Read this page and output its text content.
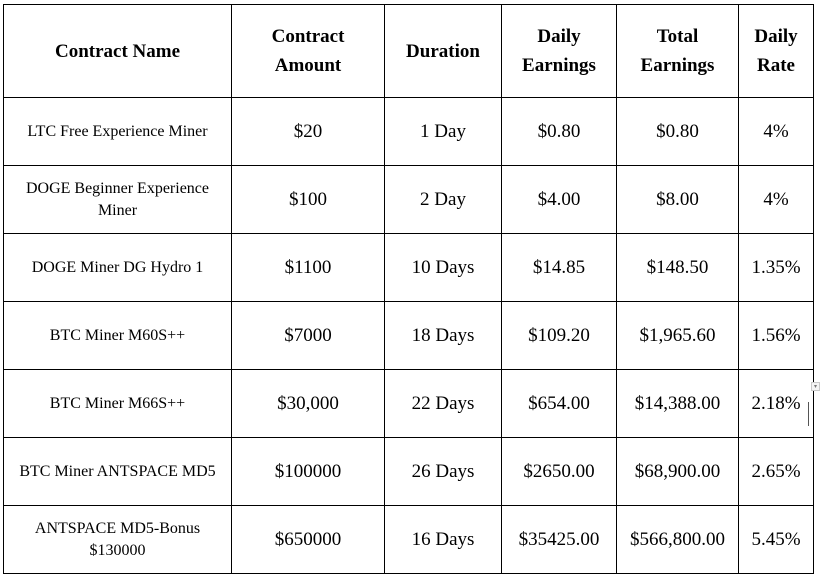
Contract Name	Contract Amount	Duration	Daily Earnings	Total Earnings	Daily Rate
LTC Free Experience Miner	$20	1 Day	$0.80	$0.80	4%
DOGE Beginner Experience Miner	$100	2 Day	$4.00	$8.00	4%
DOGE Miner DG Hydro 1	$1100	10 Days	$14.85	$148.50	1.35%
BTC Miner M60S++	$7000	18 Days	$109.20	$1,965.60	1.56%
BTC Miner M66S++	$30,000	22 Days	$654.00	$14,388.00	2.18%
BTC Miner ANTSPACE MD5	$100000	26 Days	$2650.00	$68,900.00	2.65%
ANTSPACE MD5-Bonus $130000	$650000	16 Days	$35425.00	$566,800.00	5.45%
▾
